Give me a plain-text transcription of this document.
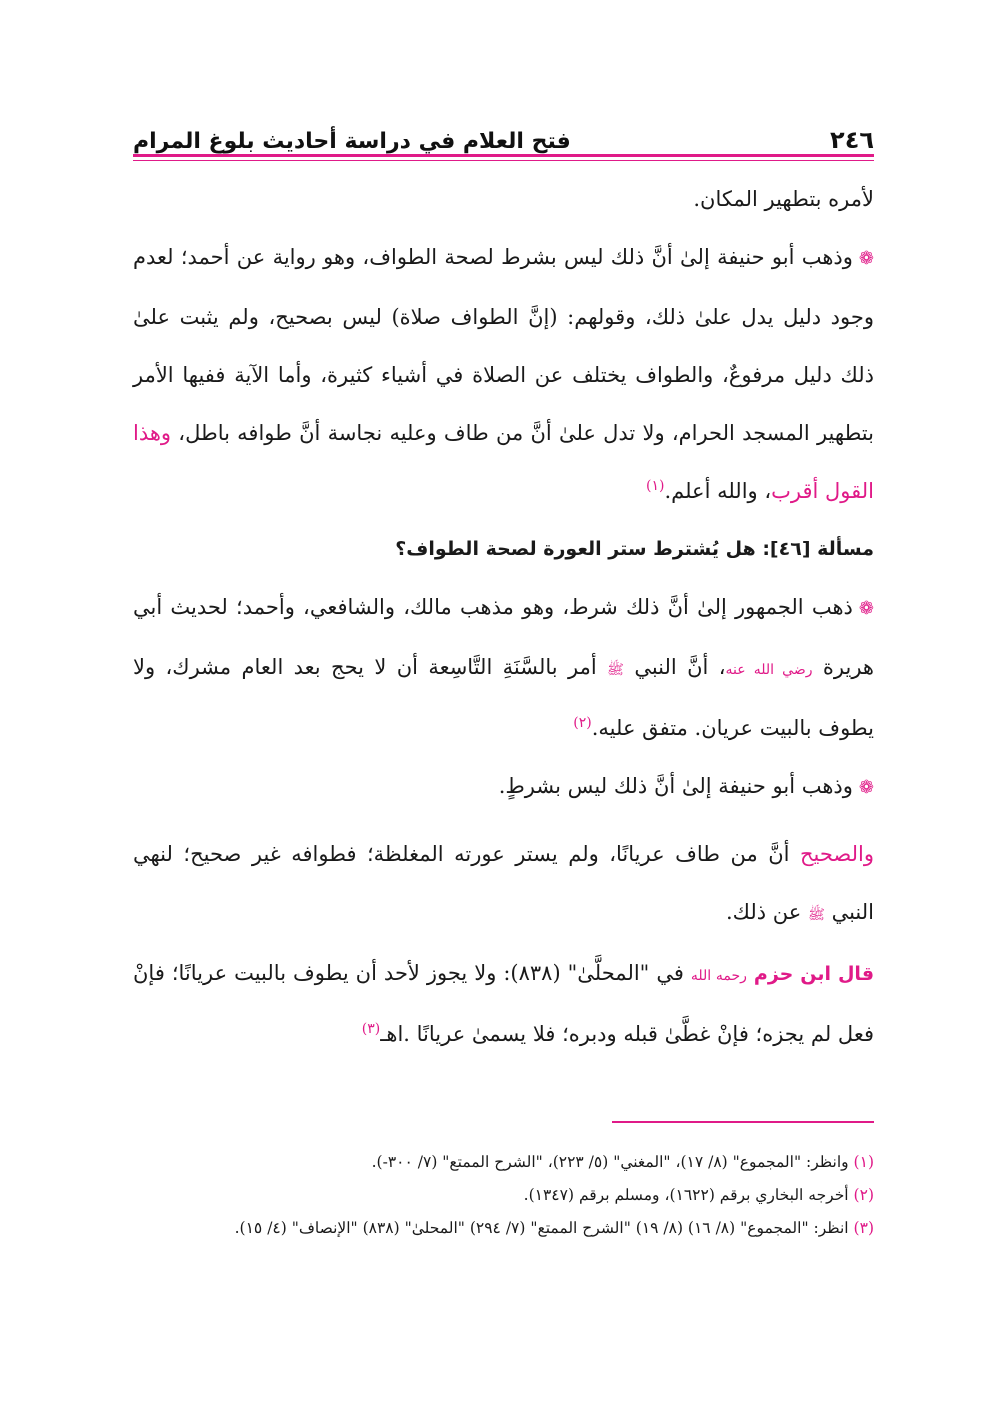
٢٤٦
فتح العلام في دراسة أحاديث بلوغ المرام

لأمره بتطهير المكان.

❁وذهب أبو حنيفة إلىٰ أنَّ ذلك ليس بشرط لصحة الطواف، وهو رواية عن أحمد؛ لعدم وجود دليل يدل علىٰ ذلك، وقولهم: (إنَّ الطواف صلاة) ليس بصحيح، ولم يثبت علىٰ ذلك دليل مرفوعٌ، والطواف يختلف عن الصلاة في أشياء كثيرة، وأما الآية ففيها الأمر بتطهير المسجد الحرام، ولا تدل علىٰ أنَّ من طاف وعليه نجاسة أنَّ طوافه باطل، وهذا القول أقرب، والله أعلم.$^{(١)}$

مسألة [٤٦]: هل يُشترط ستر العورة لصحة الطواف؟

❁ذهب الجمهور إلىٰ أنَّ ذلك شرط، وهو مذهب مالك، والشافعي، وأحمد؛ لحديث أبي هريرة رضي الله عنه، أنَّ النبي ﷺ أمر بالسَّنَةِ التَّاسِعة أن لا يحج بعد العام مشرك، ولا يطوف بالبيت عريان. متفق عليه.$^{(٢)}$

❁وذهب أبو حنيفة إلىٰ أنَّ ذلك ليس بشرطٍ.

والصحيح أنَّ من طاف عريانًا، ولم يستر عورته المغلظة؛ فطوافه غير صحيح؛ لنهي النبي ﷺ عن ذلك.

قال ابن حزم رحمه الله في "المحلَّىٰ" (٨٣٨): ولا يجوز لأحد أن يطوف بالبيت عريانًا؛ فإنْ فعل لم يجزه؛ فإنْ غطَّىٰ قبله ودبره؛ فلا يسمىٰ عريانًا .اهـ$^{(٣)}$

(١) وانظر: "المجموع" (٨/ ١٧)، "المغني" (٥/ ٢٢٣)، "الشرح الممتع" (٧/ ٣٠٠-).

(٢) أخرجه البخاري برقم (١٦٢٢)، ومسلم برقم (١٣٤٧).

(٣) انظر: "المجموع" (٨/ ١٦) (٨/ ١٩) "الشرح الممتع" (٧/ ٢٩٤) "المحلىٰ" (٨٣٨) "الإنصاف" (٤/ ١٥).
